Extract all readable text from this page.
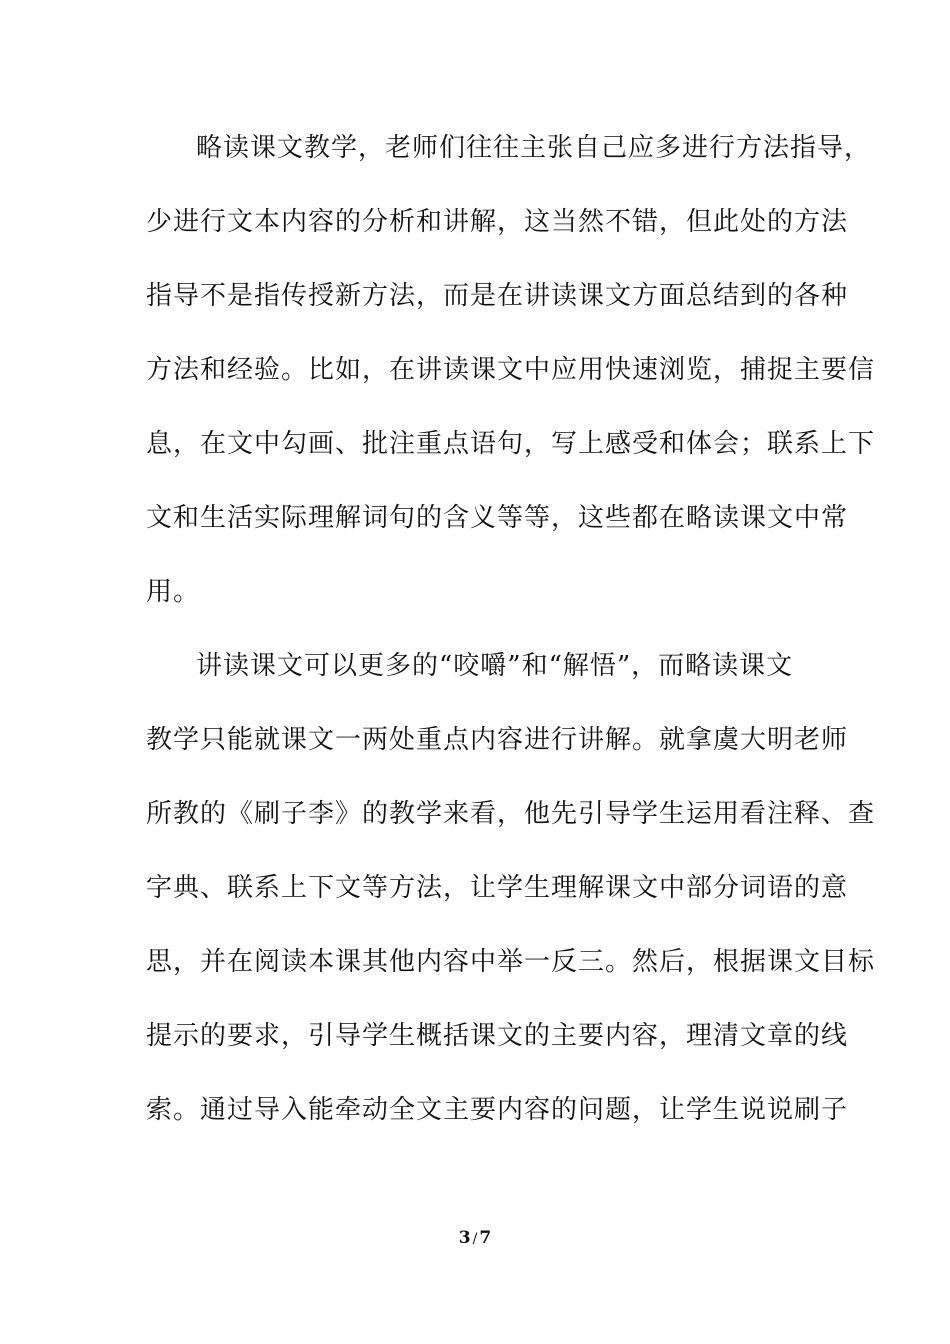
略读课文教学，老师们往往主张自己应多进行方法指导，
少进行文本内容的分析和讲解，这当然不错，但此处的方法
指导不是指传授新方法，而是在讲读课文方面总结到的各种
方法和经验。比如，在讲读课文中应用快速浏览，捕捉主要信
息，在文中勾画、批注重点语句，写上感受和体会；联系上下
文和生活实际理解词句的含义等等，这些都在略读课文中常
用。
讲读课文可以更多的“咬嚼”和“解悟”，而略读课文
教学只能就课文一两处重点内容进行讲解。就拿虞大明老师
所教的《刷子李》的教学来看，他先引导学生运用看注释、查
字典、联系上下文等方法，让学生理解课文中部分词语的意
思，并在阅读本课其他内容中举一反三。然后，根据课文目标
提示的要求，引导学生概括课文的主要内容，理清文章的线
索。通过导入能牵动全文主要内容的问题，让学生说说刷子
3 / 7
